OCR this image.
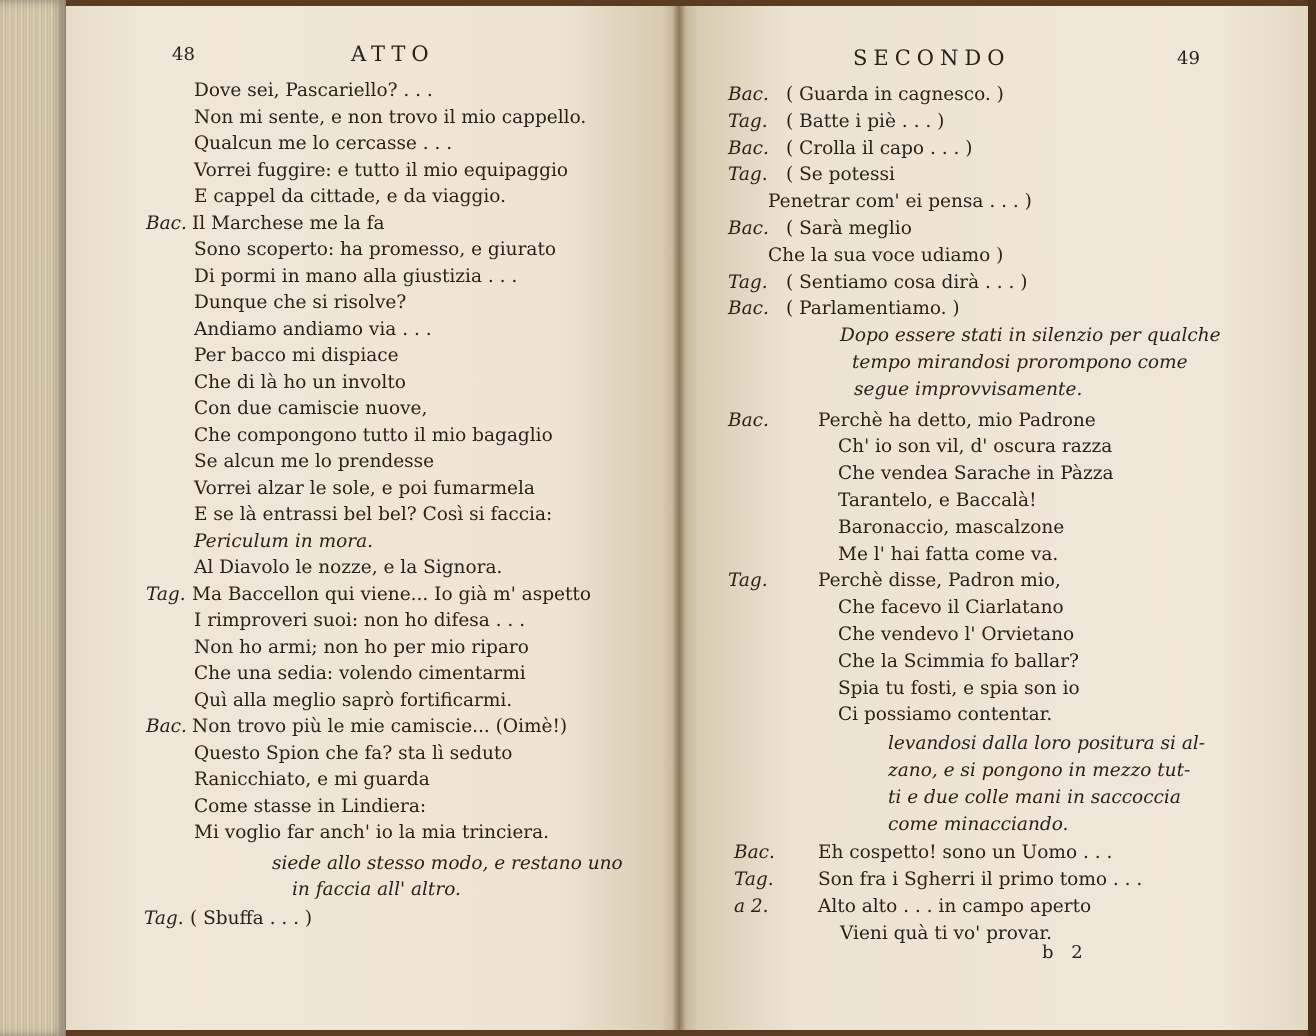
48	ATTO
Dove sei, Pascariello? . . .
Non mi sente, e non trovo il mio cappello.
Qualcun me lo cercasse . . .
Vorrei fuggire: e tutto il mio equipaggio
E cappel da cittade, e da viaggio.
Bac. Il Marchese me la fa
Sono scoperto: ha promesso, e giurato
Di pormi in mano alla giustizia . . .
Dunque che si risolve?
Andiamo andiamo via . . .
Per bacco mi dispiace
Che di là ho un involto
Con due camiscie nuove,
Che compongono tutto il mio bagaglio
Se alcun me lo prendesse
Vorrei alzar le sole, e poi fumarmela
E se là entrassi bel bel? Così si faccia:
Periculum in mora.
Al Diavolo le nozze, e la Signora.
Tag. Ma Baccellon qui viene... Io già m' aspetto
I rimproveri suoi: non ho difesa . . .
Non ho armi; non ho per mio riparo
Che una sedia: volendo cimentarmi
Quì alla meglio saprò fortificarmi.
Bac. Non trovo più le mie camiscie... (Oimè!)
Questo Spion che fa? sta lì seduto
Ranicchiato, e mi guarda
Come stasse in Lindiera:
Mi voglio far anch' io la mia trinciera.
siede allo stesso modo, e restano uno
in faccia all' altro.
Tag. ( Sbuffa . . . )
SECONDO	49
Bac. ( Guarda in cagnesco. )
Tag. ( Batte i piè . . . )
Bac. ( Crolla il capo . . . )
Tag. ( Se potessi
Penetrar com' ei pensa . . . )
Bac. ( Sarà meglio
Che la sua voce udiamo )
Tag. ( Sentiamo cosa dirà . . . )
Bac. ( Parlamentiamo. )
Dopo essere stati in silenzio per qualche
tempo mirandosi prorompono come
segue improvvisamente.
Bac.	Perchè ha detto, mio Padrone
Ch' io son vil, d' oscura razza
Che vendea Sarache in Pàzza
Tarantelo, e Baccalà!
Baronaccio, mascalzone
Me l' hai fatta come va.
Tag.	Perchè disse, Padron mio,
Che facevo il Ciarlatano
Che vendevo l' Orvietano
Che la Scimmia fo ballar?
Spia tu fosti, e spia son io
Ci possiamo contentar.
levandosi dalla loro positura si al-
zano, e si pongono in mezzo tut-
ti e due colle mani in saccoccia
come minacciando.
Bac. Eh cospetto! sono un Uomo . . .
Tag. Son fra i Sgherri il primo tomo . . .
a 2.	Alto alto . . . in campo aperto
Vieni quà ti vo' provar.
b 2
